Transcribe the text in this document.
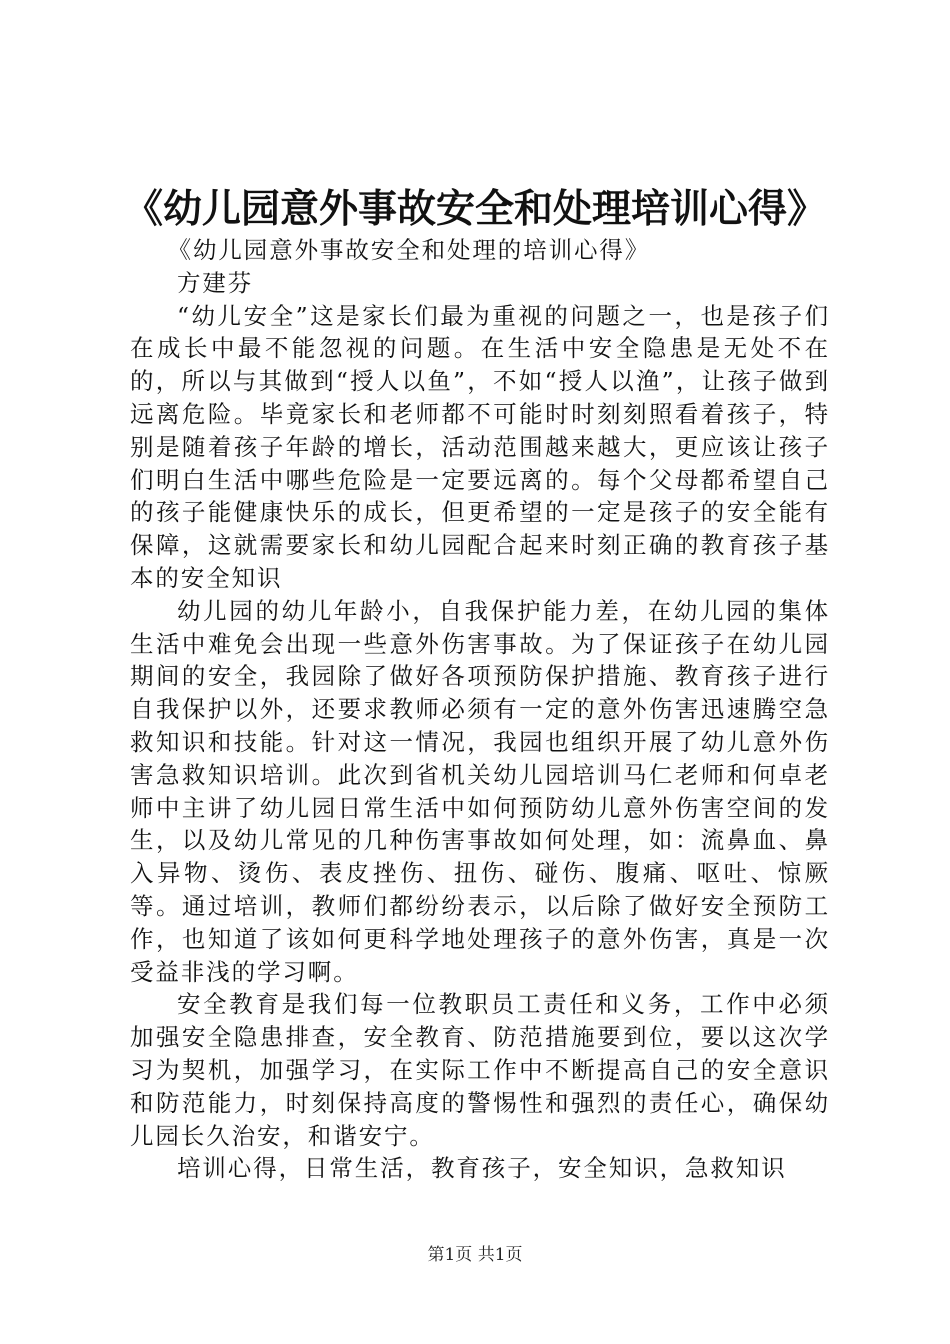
《幼儿园意外事故安全和处理培训心得》

《幼儿园意外事故安全和处理的培训心得》

方建芬

“幼儿安全”这是家长们最为重视的问题之一，也是孩子们在成长中最不能忽视的问题。在生活中安全隐患是无处不在的，所以与其做到“授人以鱼”，不如“授人以渔”，让孩子做到远离危险。毕竟家长和老师都不可能时时刻刻照看着孩子，特别是随着孩子年龄的增长，活动范围越来越大，更应该让孩子们明白生活中哪些危险是一定要远离的。每个父母都希望自己的孩子能健康快乐的成长，但更希望的一定是孩子的安全能有保障，这就需要家长和幼儿园配合起来时刻正确的教育孩子基本的安全知识

幼儿园的幼儿年龄小，自我保护能力差，在幼儿园的集体生活中难免会出现一些意外伤害事故。为了保证孩子在幼儿园期间的安全，我园除了做好各项预防保护措施、教育孩子进行自我保护以外，还要求教师必须有一定的意外伤害迅速腾空急救知识和技能。针对这一情况，我园也组织开展了幼儿意外伤害急救知识培训。此次到省机关幼儿园培训马仁老师和何卓老师中主讲了幼儿园日常生活中如何预防幼儿意外伤害空间的发生，以及幼儿常见的几种伤害事故如何处理，如：流鼻血、鼻入异物、烫伤、表皮挫伤、扭伤、碰伤、腹痛、呕吐、惊厥等。通过培训，教师们都纷纷表示，以后除了做好安全预防工作，也知道了该如何更科学地处理孩子的意外伤害，真是一次受益非浅的学习啊。

安全教育是我们每一位教职员工责任和义务，工作中必须加强安全隐患排查，安全教育、防范措施要到位，要以这次学习为契机，加强学习，在实际工作中不断提高自己的安全意识和防范能力，时刻保持高度的警惕性和强烈的责任心，确保幼儿园长久治安，和谐安宁。

培训心得，日常生活，教育孩子，安全知识，急救知识

第1页 共1页
